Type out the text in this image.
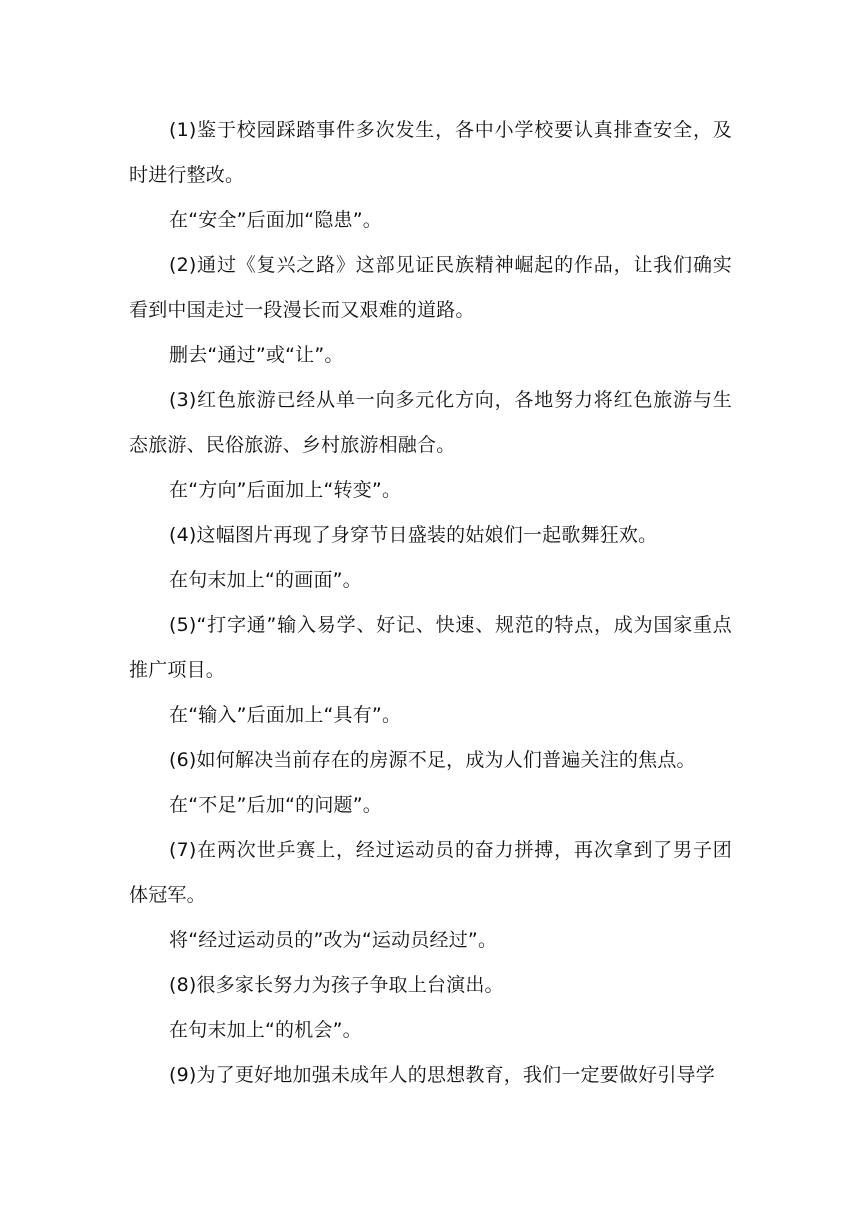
(1)鉴于校园踩踏事件多次发生，各中小学校要认真排查安全，及时进行整改。

在“安全”后面加“隐患”。

(2)通过《复兴之路》这部见证民族精神崛起的作品，让我们确实看到中国走过一段漫长而又艰难的道路。

删去“通过”或“让”。

(3)红色旅游已经从单一向多元化方向，各地努力将红色旅游与生态旅游、民俗旅游、乡村旅游相融合。

在“方向”后面加上“转变”。

(4)这幅图片再现了身穿节日盛装的姑娘们一起歌舞狂欢。

在句末加上“的画面”。

(5)“打字通”输入易学、好记、快速、规范的特点，成为国家重点推广项目。

在“输入”后面加上“具有”。

(6)如何解决当前存在的房源不足，成为人们普遍关注的焦点。

在“不足”后加“的问题”。

(7)在两次世乒赛上，经过运动员的奋力拼搏，再次拿到了男子团体冠军。

将“经过运动员的”改为“运动员经过”。

(8)很多家长努力为孩子争取上台演出。

在句末加上“的机会”。

(9)为了更好地加强未成年人的思想教育，我们一定要做好引导学
